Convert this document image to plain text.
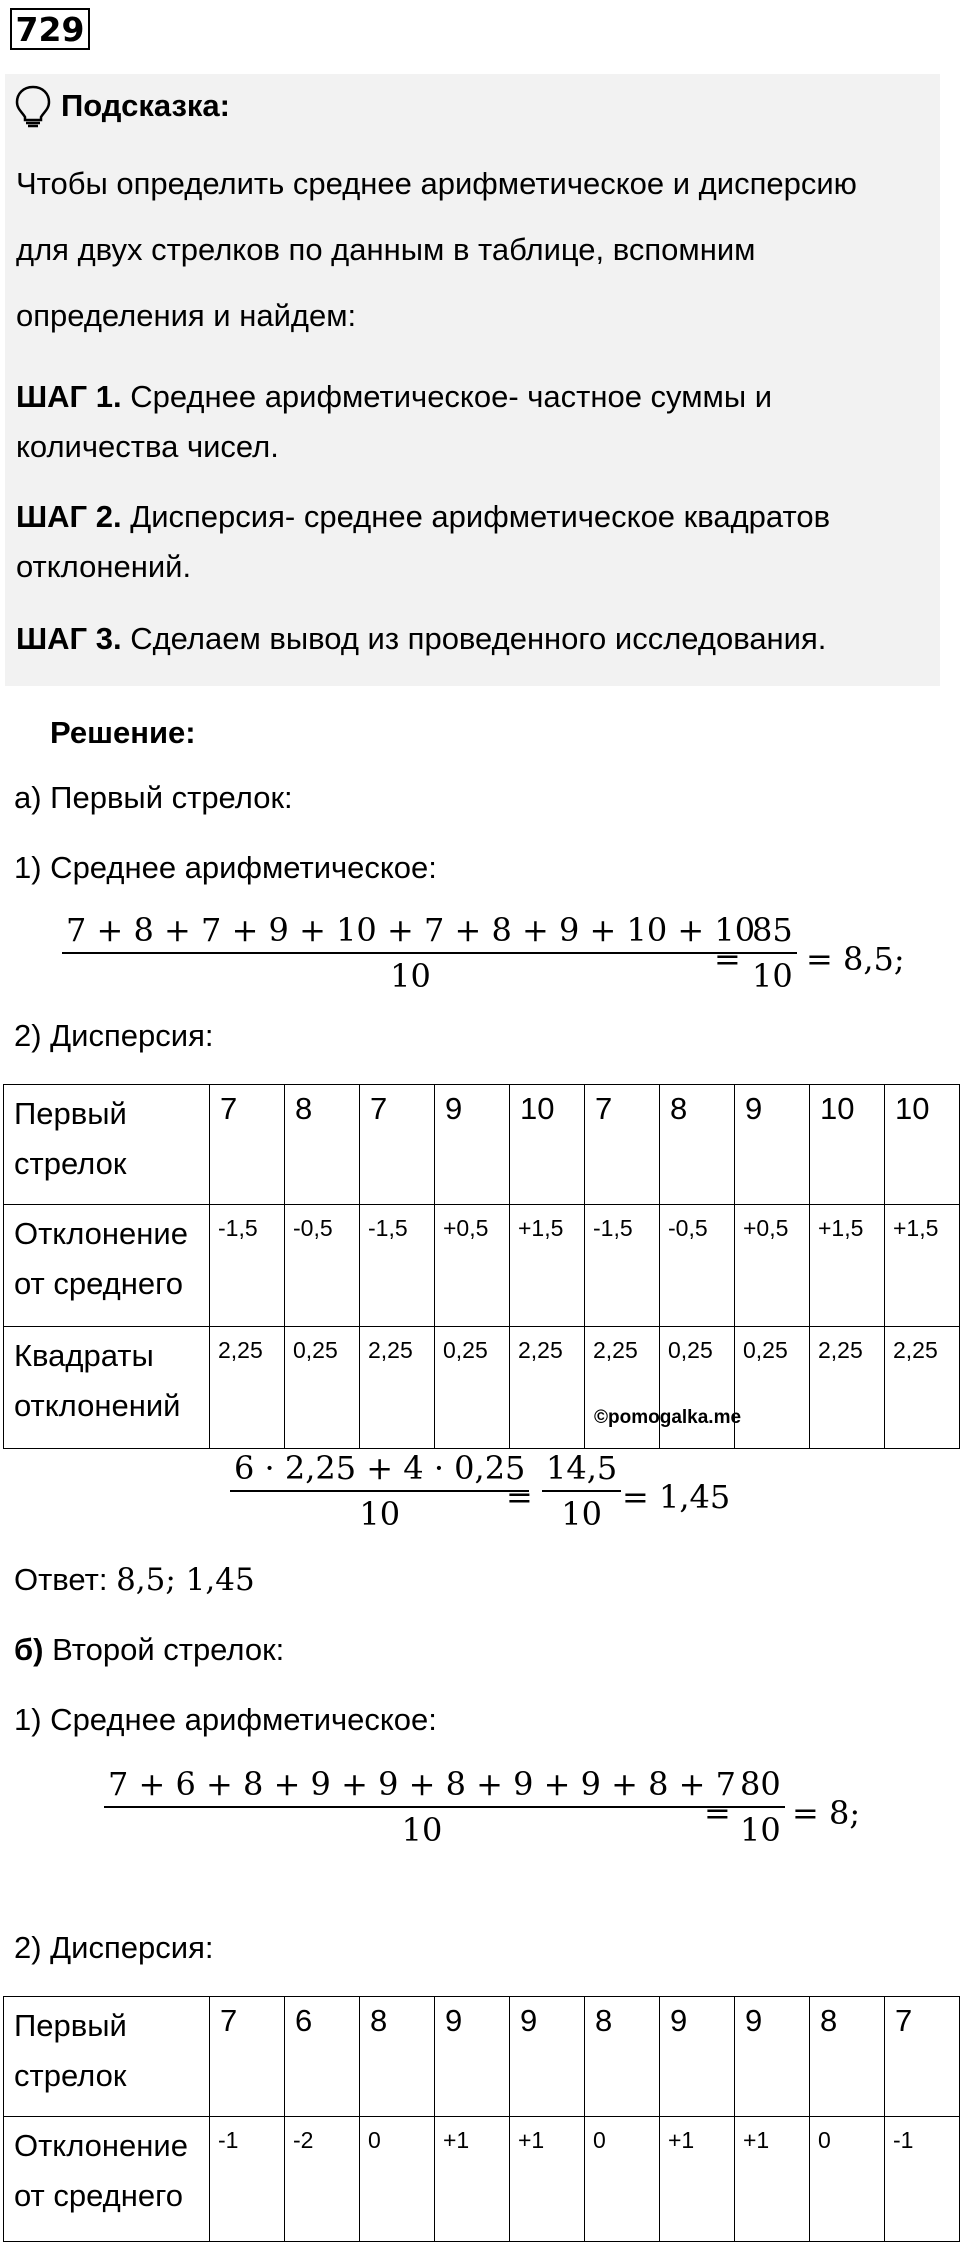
729
Подсказка:
Чтобы определить среднее арифметическое и дисперсию
для двух стрелков по данным в таблице, вспомним
определения и найдем:
ШАГ 1. Среднее арифметическое- частное суммы и
количества чисел.
ШАГ 2. Дисперсия- среднее арифметическое квадратов
отклонений.
ШАГ 3. Сделаем вывод из проведенного исследования.
Решение:
а) Первый стрелок:
1) Среднее арифметическое:
7 + 8 + 7 + 9 + 10 + 7 + 8 + 9 + 10 + 10
10	=
85
10 = 8,5;
2) Дисперсия:
Первый
стрелок	7	8	7	9	10	7	8	9	10	10
Отклонение
от среднего	-1,5	-0,5	-1,5	+0,5	+1,5	-1,5	-0,5	+0,5	+1,5	+1,5
Квадраты
отклонений	2,25	0,25	2,25	0,25	2,25	2,25	0,25	0,25	2,25	2,25
©pomogalka.me
6 · 2,25 + 4 · 0,25
10	=
14,5
10 = 1,45
Ответ: 8,5; 1,45
б) Второй стрелок:
1) Среднее арифметическое:
7 + 6 + 8 + 9 + 9 + 8 + 9 + 9 + 8 + 7
10	=
80
10 = 8;
2) Дисперсия:
Первый
стрелок	7	6	8	9	9	8	9	9	8	7
Отклонение
от среднего	-1	-2	0	+1	+1	0	+1	+1	0	-1
